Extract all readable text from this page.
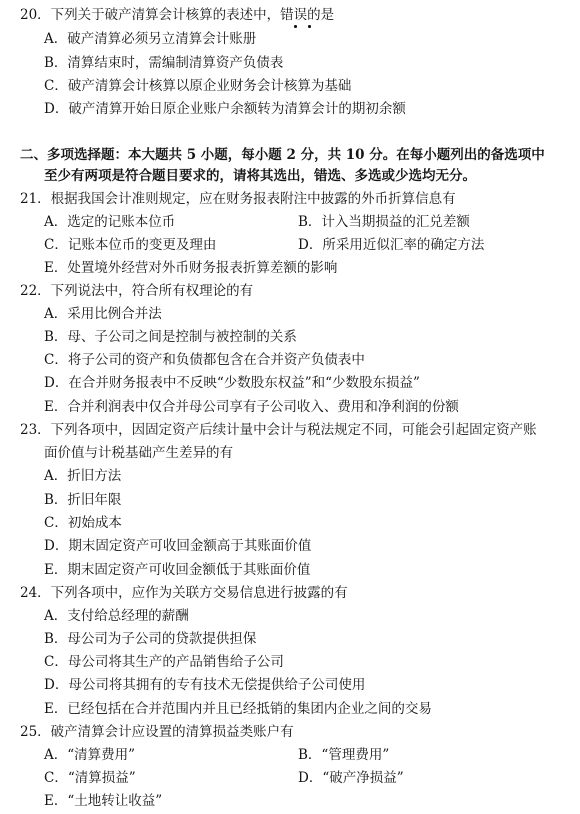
20．下列关于破产清算会计核算的表述中，错误的是
A．破产清算必须另立清算会计账册
B．清算结束时，需编制清算资产负债表
C．破产清算会计核算以原企业财务会计核算为基础
D．破产清算开始日原企业账户余额转为清算会计的期初余额
二、多项选择题：本大题共 5 小题，每小题 2 分，共 10 分。在每小题列出的备选项中
至少有两项是符合题目要求的，请将其选出，错选、多选或少选均无分。
21．根据我国会计准则规定，应在财务报表附注中披露的外币折算信息有
A．选定的记账本位币	B．计入当期损益的汇兑差额
C．记账本位币的变更及理由	D．所采用近似汇率的确定方法
E．处置境外经营对外币财务报表折算差额的影响
22．下列说法中，符合所有权理论的有
A．采用比例合并法
B．母、子公司之间是控制与被控制的关系
C．将子公司的资产和负债都包含在合并资产负债表中
D．在合并财务报表中不反映“少数股东权益”和“少数股东损益”
E．合并利润表中仅合并母公司享有子公司收入、费用和净利润的份额
23．下列各项中，因固定资产后续计量中会计与税法规定不同，可能会引起固定资产账
面价值与计税基础产生差异的有
A．折旧方法
B．折旧年限
C．初始成本
D．期末固定资产可收回金额高于其账面价值
E．期末固定资产可收回金额低于其账面价值
24．下列各项中，应作为关联方交易信息进行披露的有
A．支付给总经理的薪酬
B．母公司为子公司的贷款提供担保
C．母公司将其生产的产品销售给子公司
D．母公司将其拥有的专有技术无偿提供给子公司使用
E．已经包括在合并范围内并且已经抵销的集团内企业之间的交易
25．破产清算会计应设置的清算损益类账户有
A．“清算费用”	B．“管理费用”
C．“清算损益”	D．“破产净损益”
E．“土地转让收益”
